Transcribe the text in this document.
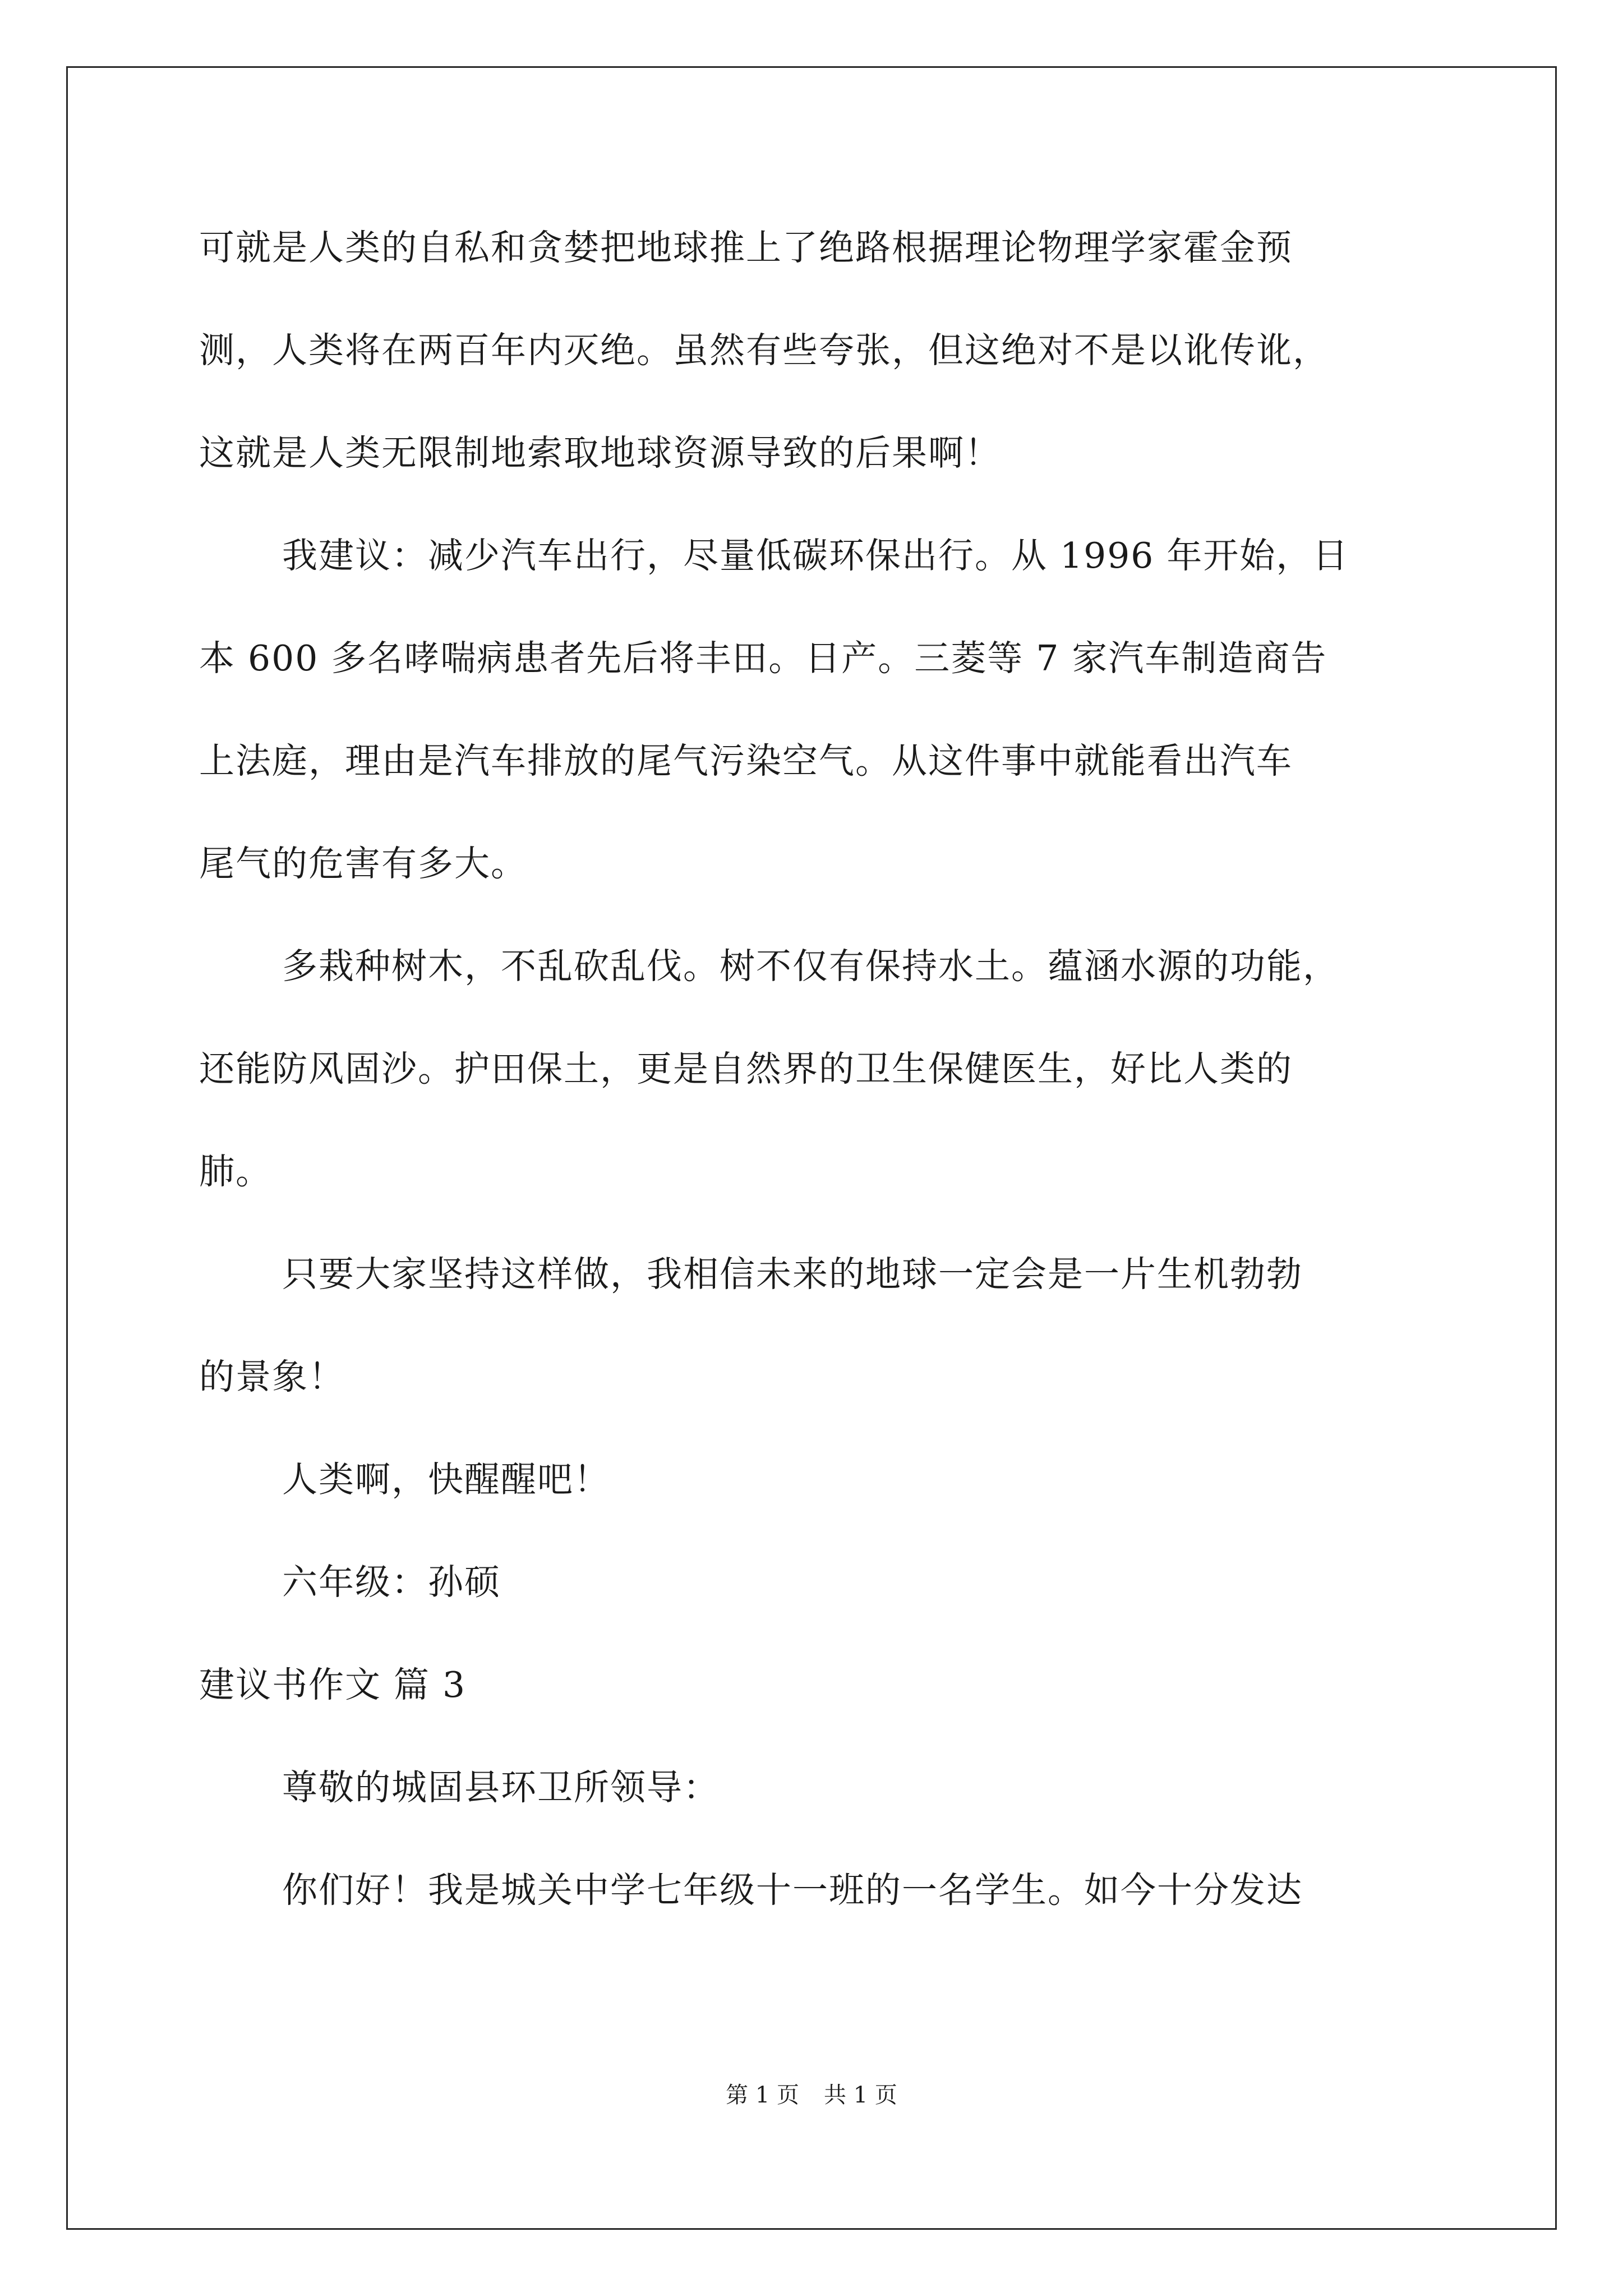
可就是人类的自私和贪婪把地球推上了绝路根据理论物理学家霍金预
测，人类将在两百年内灭绝。虽然有些夸张，但这绝对不是以讹传讹，
这就是人类无限制地索取地球资源导致的后果啊！
我建议：减少汽车出行，尽量低碳环保出行。从 1996 年开始，日
本 600 多名哮喘病患者先后将丰田。日产。三菱等 7 家汽车制造商告
上法庭，理由是汽车排放的尾气污染空气。从这件事中就能看出汽车
尾气的危害有多大。
多栽种树木，不乱砍乱伐。树不仅有保持水土。蕴涵水源的功能，
还能防风固沙。护田保土，更是自然界的卫生保健医生，好比人类的
肺。
只要大家坚持这样做，我相信未来的地球一定会是一片生机勃勃
的景象！
人类啊，快醒醒吧！
六年级：孙硕
建议书作文 篇 3
尊敬的城固县环卫所领导：
你们好！我是城关中学七年级十一班的一名学生。如今十分发达
第 1 页 共 1 页
